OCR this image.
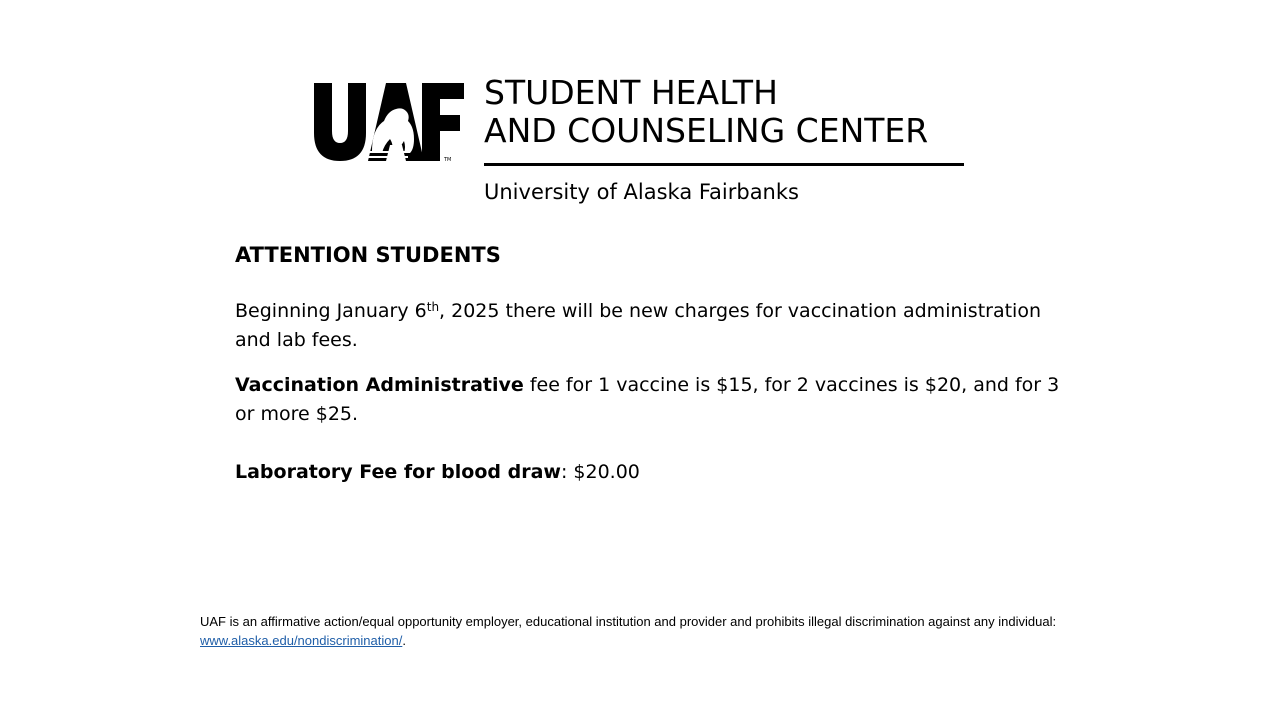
TM
STUDENT HEALTH
AND COUNSELING CENTER
University of Alaska Fairbanks
ATTENTION STUDENTS
Beginning January 6th, 2025 there will be new charges for vaccination administration and lab fees.
Vaccination Administrative fee for 1 vaccine is $15, for 2 vaccines is $20, and for 3 or more $25.
Laboratory Fee for blood draw: $20.00
UAF is an affirmative action/equal opportunity employer, educational institution and provider and prohibits illegal discrimination against any individual: www.alaska.edu/nondiscrimination/.
